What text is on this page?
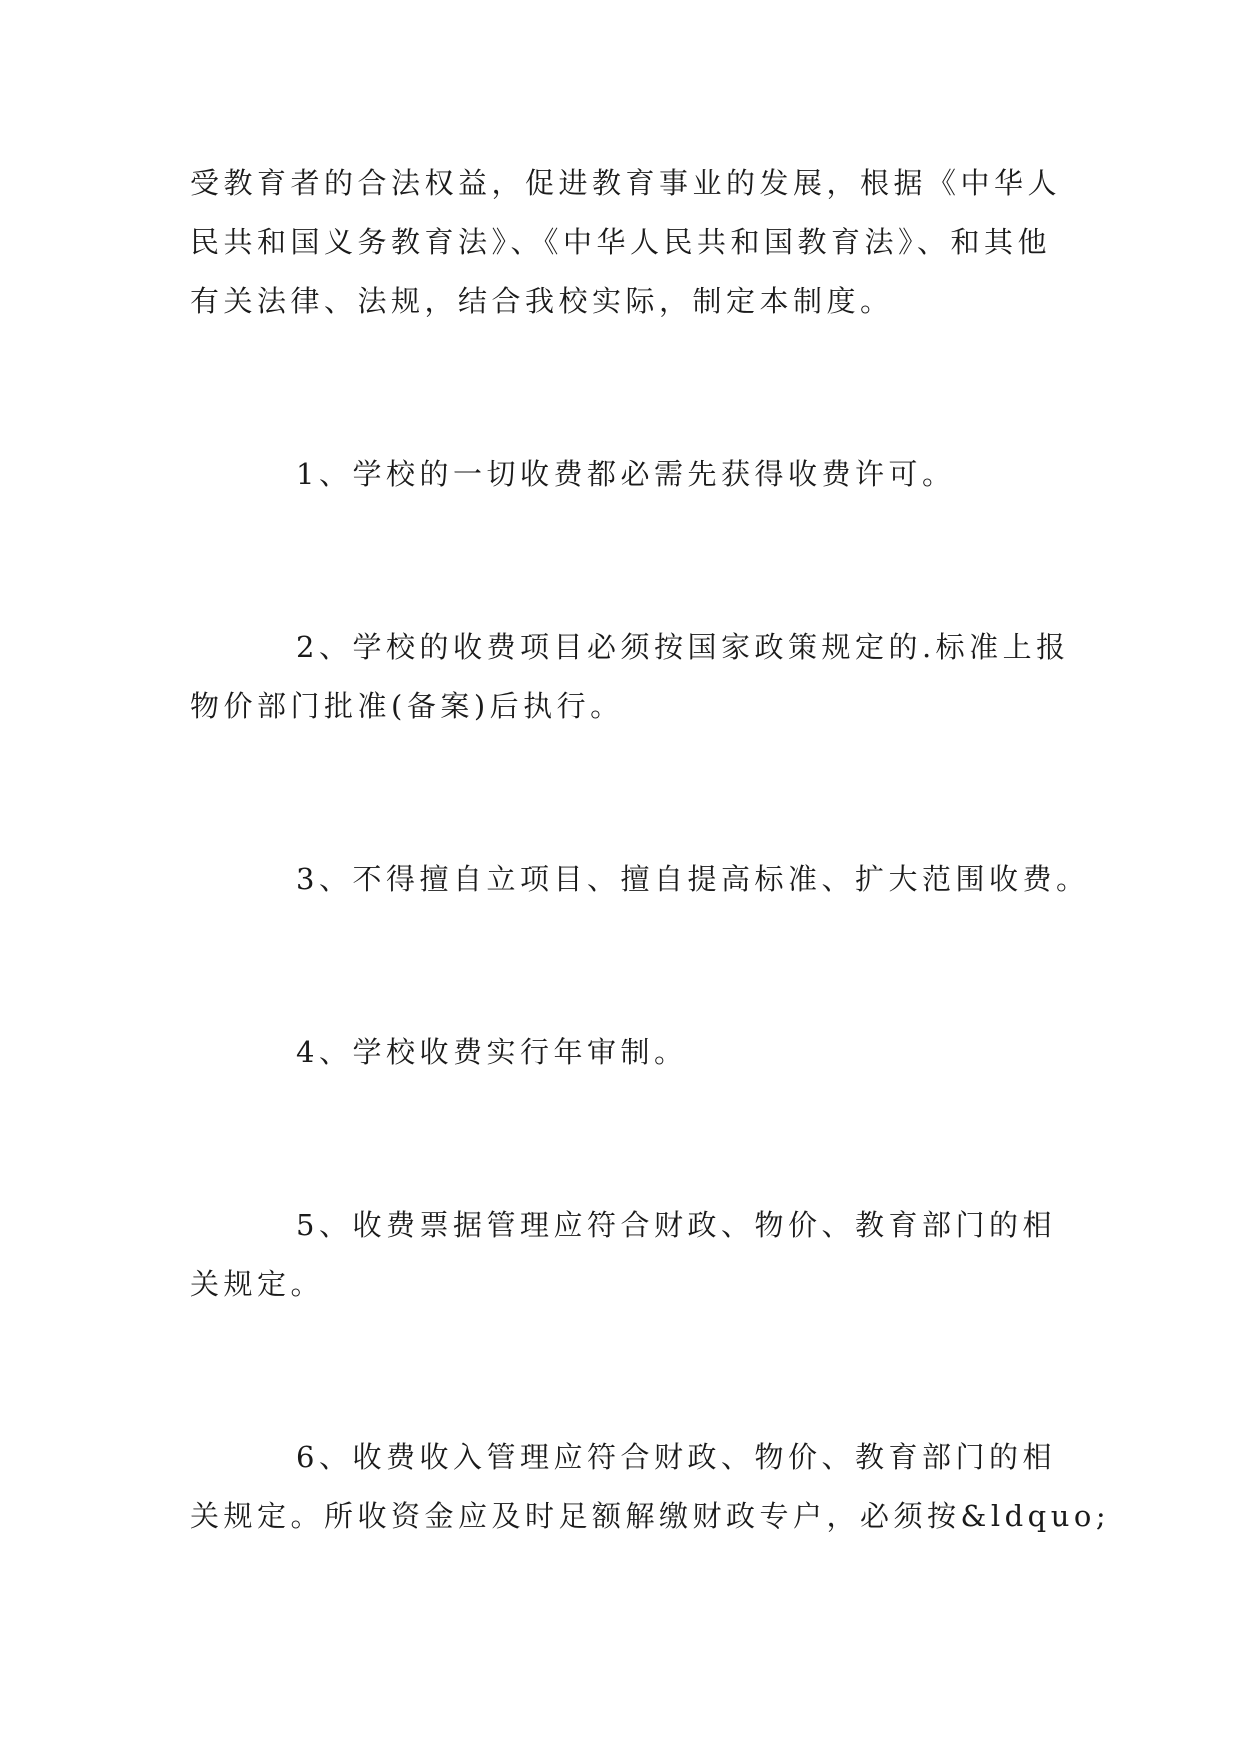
受教育者的合法权益，促进教育事业的发展，根据《中华人

民共和国义务教育法》、《中华人民共和国教育法》、和其他

有关法律、法规，结合我校实际，制定本制度。

1、学校的一切收费都必需先获得收费许可。

2、学校的收费项目必须按国家政策规定的.标准上报

物价部门批准(备案)后执行。

3、不得擅自立项目、擅自提高标准、扩大范围收费。

4、学校收费实行年审制。

5、收费票据管理应符合财政、物价、教育部门的相

关规定。

6、收费收入管理应符合财政、物价、教育部门的相

关规定。所收资金应及时足额解缴财政专户，必须按&ldquo;
